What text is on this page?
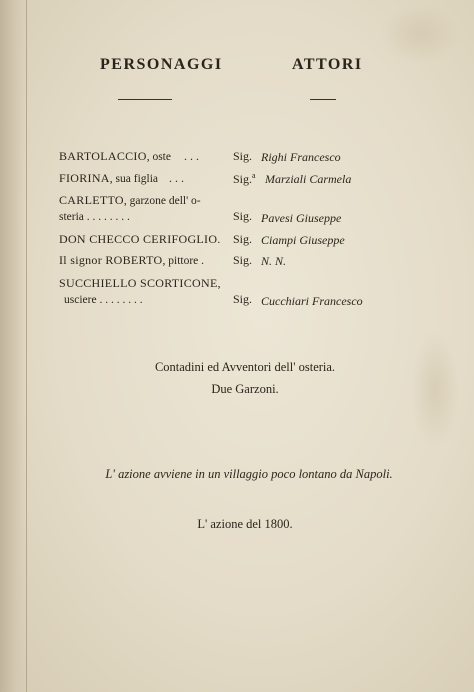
PERSONAGGI	ATTORI
BARTOLACCIO, oste . . .	Sig. Righi Francesco
FIORINA, sua figlia . . .	Sig.$^a$ Marziali Carmela
CARLETTO, garzone dell' o-
steria . . . . . . . .	Sig. Pavesi Giuseppe
DON CHECCO CERIFOGLIO. Sig. Ciampi Giuseppe
Il signor ROBERTO, pittore . Sig. N. N.
SUCCHIELLO SCORTICONE,
usciere . . . . . . . .	Sig. Cucchiari Francesco
Contadini ed Avventori dell' osteria.
Due Garzoni.
L' azione avviene in un villaggio poco lontano da Napoli.
L' azione del 1800.
